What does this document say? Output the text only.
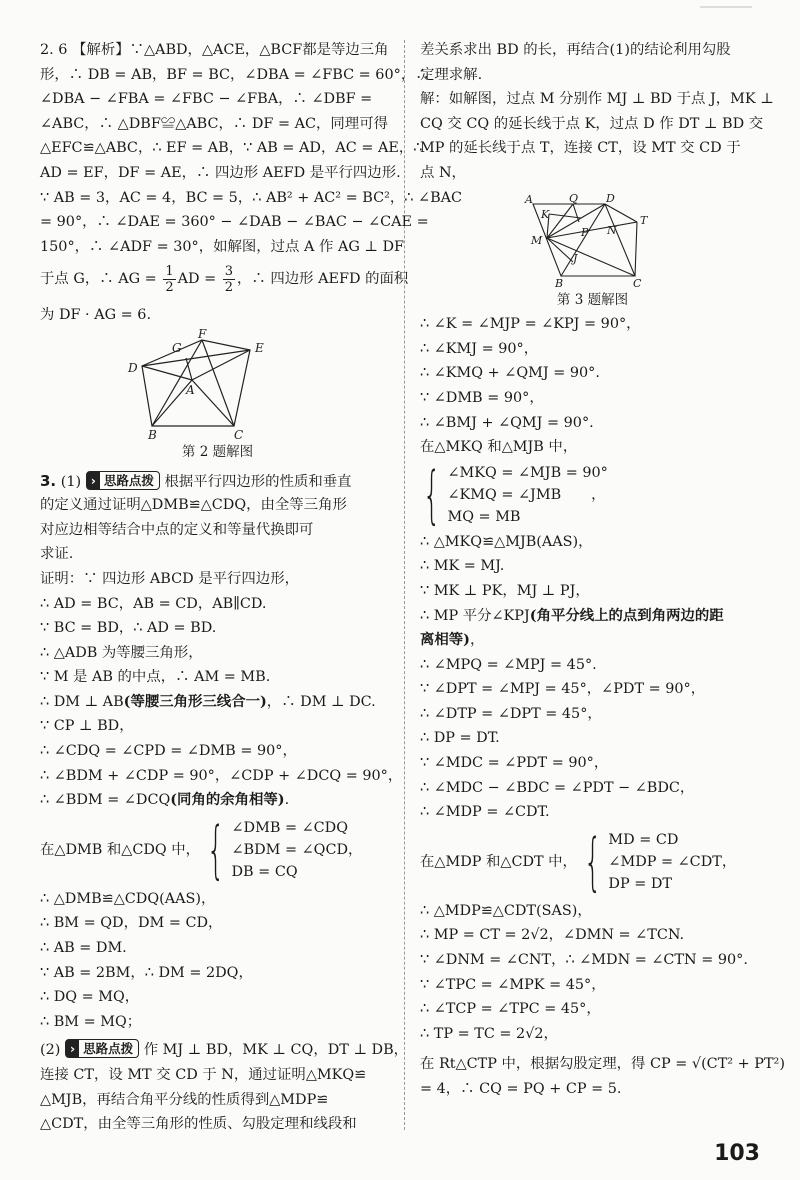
2. 6 【解析】∵△ABD，△ACE，△BCF都是等边三角
形，∴ DB = AB，BF = BC，∠DBA = ∠FBC = 60°，∴
∠DBA − ∠FBA = ∠FBC − ∠FBA，∴ ∠DBF =
∠ABC，∴ △DBF≌△ABC，∴ DF = AC，同理可得
△EFC≌△ABC，∴ EF = AB，∵ AB = AD，AC = AE，∴
AD = EF，DF = AE，∴ 四边形 AEFD 是平行四边形.
∵ AB = 3，AC = 4，BC = 5，∴ AB² + AC² = BC²，∴ ∠BAC
= 90°，∴ ∠DAE = 360° − ∠DAB − ∠BAC − ∠CAE =
150°，∴ ∠ADF = 30°，如解图，过点 A 作 AG ⊥ DF
于点 G，∴ AG = $\frac{1}{2}$ AD = $\frac{3}{2}$ ，∴ 四边形 AEFD 的面积
为 DF · AG = 6.
F
G	E
D
A
B	C
第 2 题解图
3. (1) › 思路点拨 根据平行四边形的性质和垂直
的定义通过证明△DMB≌△CDQ，由全等三角形
对应边相等结合中点的定义和等量代换即可
求证.
证明：∵ 四边形 ABCD 是平行四边形，
∴ AD = BC，AB = CD，AB∥CD.
∵ BC = BD，∴ AD = BD.
∴ △ADB 为等腰三角形，
∵ M 是 AB 的中点，∴ AM = MB.
∴ DM ⊥ AB(等腰三角形三线合一)，∴ DM ⊥ DC.
∵ CP ⊥ BD，
∴ ∠CDQ = ∠CPD = ∠DMB = 90°，
∴ ∠BDM + ∠CDP = 90°，∠CDP + ∠DCQ = 90°，
∴ ∠BDM = ∠DCQ(同角的余角相等).
在△DMB 和△CDQ 中， { ∠DMB = ∠CDQ
∠BDM = ∠QCD，
DB = CQ
∴ △DMB≌△CDQ(AAS)，
∴ BM = QD，DM = CD，
∴ AB = DM.
∵ AB = 2BM，∴ DM = 2DQ，
∴ DQ = MQ，
∴ BM = MQ；
(2) › 思路点拨 作 MJ ⊥ BD，MK ⊥ CQ，DT ⊥ DB，
连接 CT，设 MT 交 CD 于 N，通过证明△MKQ≌
△MJB，再结合角平分线的性质得到△MDP≌
△CDT，由全等三角形的性质、勾股定理和线段和
差关系求出 BD 的长，再结合(1)的结论利用勾股
定理求解.
解：如解图，过点 M 分别作 MJ ⊥ BD 于点 J，MK ⊥
CQ 交 CQ 的延长线于点 K，过点 D 作 DT ⊥ BD 交
MP 的延长线于点 T，连接 CT，设 MT 交 CD 于
点 N，
A	Q	D
K	T
N
P
M
J
B	C
第 3 题解图
∴ ∠K = ∠MJP = ∠KPJ = 90°，
∴ ∠KMJ = 90°，
∴ ∠KMQ + ∠QMJ = 90°.
∵ ∠DMB = 90°，
∴ ∠BMJ + ∠QMJ = 90°.
在△MKQ 和△MJB 中，
{ ∠MKQ = ∠MJB = 90°
∠KMQ = ∠JMB ，
MQ = MB
∴ △MKQ≌△MJB(AAS)，
∴ MK = MJ.
∵ MK ⊥ PK，MJ ⊥ PJ，
∴ MP 平分∠KPJ(角平分线上的点到角两边的距
离相等)，
∴ ∠MPQ = ∠MPJ = 45°.
∵ ∠DPT = ∠MPJ = 45°，∠PDT = 90°，
∴ ∠DTP = ∠DPT = 45°，
∴ DP = DT.
∵ ∠MDC = ∠PDT = 90°，
∴ ∠MDC − ∠BDC = ∠PDT − ∠BDC，
∴ ∠MDP = ∠CDT.
在△MDP 和△CDT 中， { MD = CD
∠MDP = ∠CDT，
DP = DT
∴ △MDP≌△CDT(SAS)，
∴ MP = CT = 2√2，∠DMN = ∠TCN.
∵ ∠DNM = ∠CNT，∴ ∠MDN = ∠CTN = 90°.
∵ ∠TPC = ∠MPK = 45°，
∴ ∠TCP = ∠TPC = 45°，
∴ TP = TC = 2√2，
在 Rt△CTP 中，根据勾股定理，得 CP = √(CT² + PT²)
= 4，∴ CQ = PQ + CP = 5.
103
